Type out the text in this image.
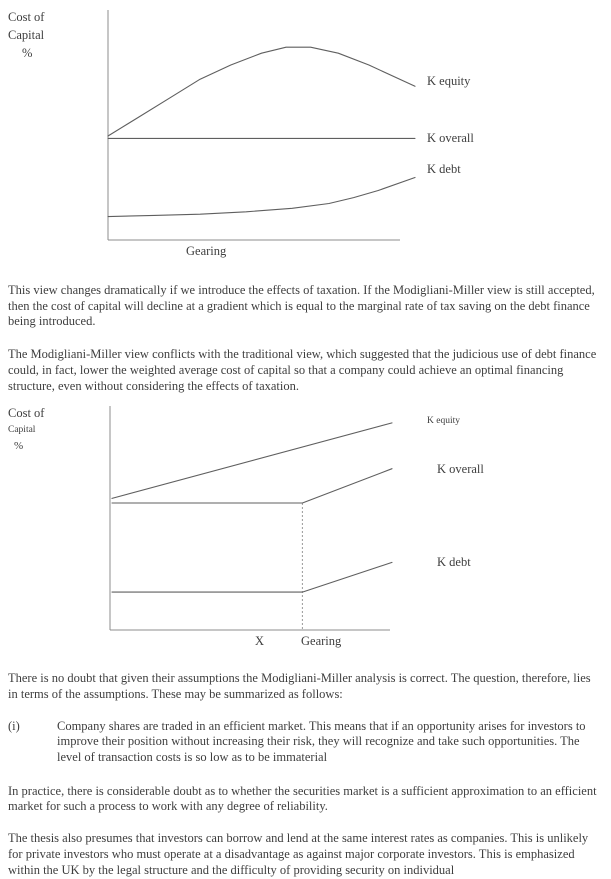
Cost of
Capital
%
K equity
K overall
K debt
Gearing

This view changes dramatically if we introduce the effects of taxation. If the Modigliani-Miller view is still accepted, then the cost of capital will decline at a gradient which is equal to the marginal rate of tax saving on the debt finance being introduced.

The Modigliani-Miller view conflicts with the traditional view, which suggested that the judicious use of debt finance could, in fact, lower the weighted average cost of capital so that a company could achieve an optimal financing structure, even without considering the effects of taxation.

Cost of
Capital
%
K equity
K overall
K debt
X	Gearing

There is no doubt that given their assumptions the Modigliani-Miller analysis is correct. The question, therefore, lies in terms of the assumptions. These may be summarized as follows:

(i)	Company shares are traded in an efficient market. This means that if an opportunity arises for investors to improve their position without increasing their risk, they will recognize and take such opportunities. The level of transaction costs is so low as to be immaterial

In practice, there is considerable doubt as to whether the securities market is a sufficient approximation to an efficient market for such a process to work with any degree of reliability.

The thesis also presumes that investors can borrow and lend at the same interest rates as companies. This is unlikely for private investors who must operate at a disadvantage as against major corporate investors. This is emphasized within the UK by the legal structure and the difficulty of providing security on individual
